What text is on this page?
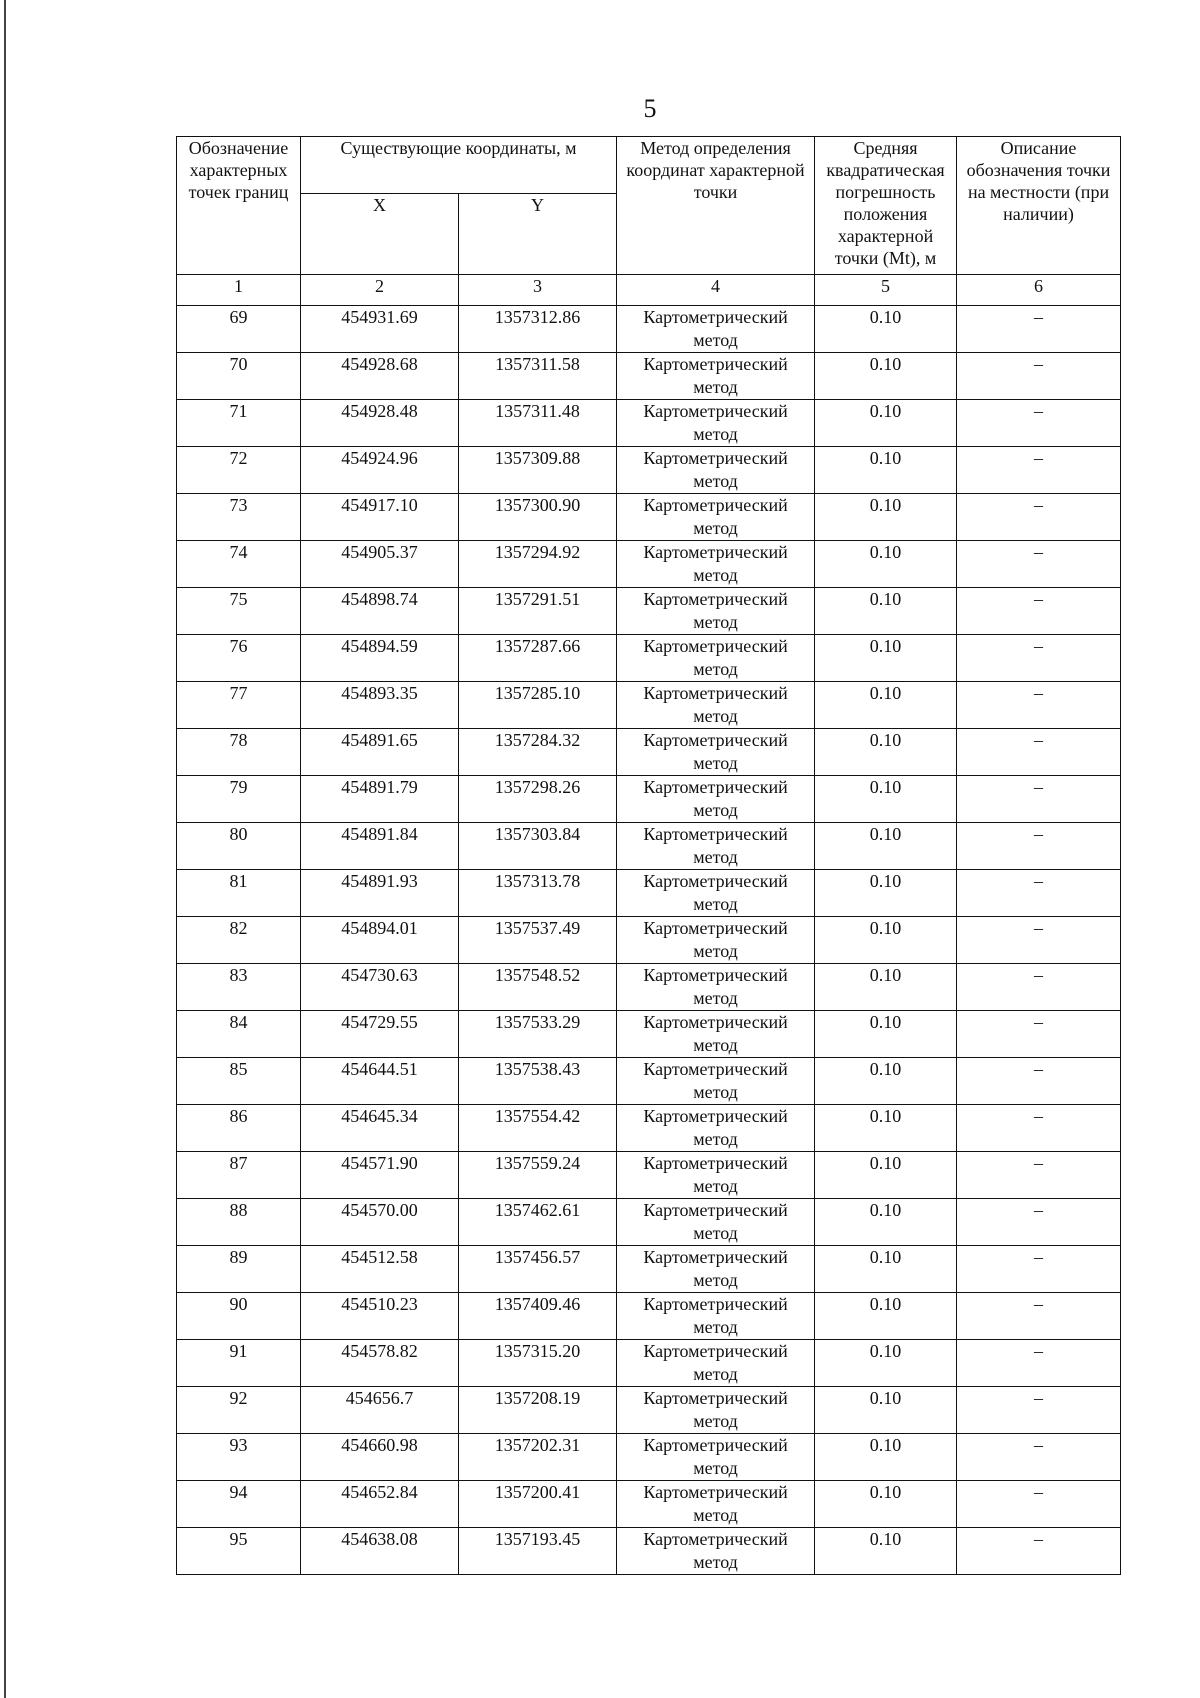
5
Обозначение характерных точек границ	Существующие координаты, м		Метод определения координат характерной точки	Средняя квадратическая погрешность положения характерной точки (Mt), м	Описание обозначения точки на местности (при наличии)
	X	Y			
1	2	3	4	5	6
69	454931.69	1357312.86	Картометрический метод	0.10	–
70	454928.68	1357311.58	Картометрический метод	0.10	–
71	454928.48	1357311.48	Картометрический метод	0.10	–
72	454924.96	1357309.88	Картометрический метод	0.10	–
73	454917.10	1357300.90	Картометрический метод	0.10	–
74	454905.37	1357294.92	Картометрический метод	0.10	–
75	454898.74	1357291.51	Картометрический метод	0.10	–
76	454894.59	1357287.66	Картометрический метод	0.10	–
77	454893.35	1357285.10	Картометрический метод	0.10	–
78	454891.65	1357284.32	Картометрический метод	0.10	–
79	454891.79	1357298.26	Картометрический метод	0.10	–
80	454891.84	1357303.84	Картометрический метод	0.10	–
81	454891.93	1357313.78	Картометрический метод	0.10	–
82	454894.01	1357537.49	Картометрический метод	0.10	–
83	454730.63	1357548.52	Картометрический метод	0.10	–
84	454729.55	1357533.29	Картометрический метод	0.10	–
85	454644.51	1357538.43	Картометрический метод	0.10	–
86	454645.34	1357554.42	Картометрический метод	0.10	–
87	454571.90	1357559.24	Картометрический метод	0.10	–
88	454570.00	1357462.61	Картометрический метод	0.10	–
89	454512.58	1357456.57	Картометрический метод	0.10	–
90	454510.23	1357409.46	Картометрический метод	0.10	–
91	454578.82	1357315.20	Картометрический метод	0.10	–
92	454656.7	1357208.19	Картометрический метод	0.10	–
93	454660.98	1357202.31	Картометрический метод	0.10	–
94	454652.84	1357200.41	Картометрический метод	0.10	–
95	454638.08	1357193.45	Картометрический метод	0.10	–
